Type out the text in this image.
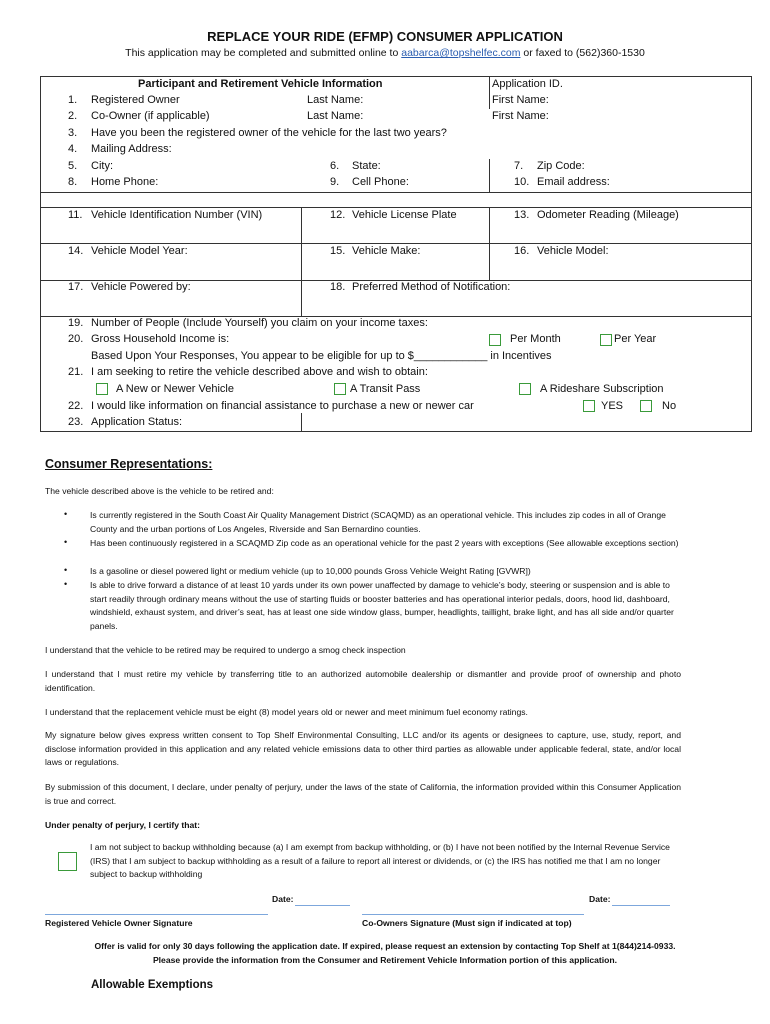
REPLACE YOUR RIDE (EFMP) CONSUMER APPLICATION
This application may be completed and submitted online to aabarca@topshelfec.com or faxed to (562)360-1530
Participant and Retirement Vehicle Information	Application ID.
1. Registered Owner	Last Name:	First Name:
2. Co-Owner (if applicable)	Last Name:	First Name:
3. Have you been the registered owner of the vehicle for the last two years?
4. Mailing Address:
5. City:	6. State:	7. Zip Code:
8. Home Phone:	9. Cell Phone:	10. Email address:
11. Vehicle Identification Number (VIN)	12. Vehicle License Plate	13. Odometer Reading (Mileage)
14. Vehicle Model Year:	15. Vehicle Make:	16. Vehicle Model:
17. Vehicle Powered by:	18. Preferred Method of Notification:
19. Number of People (Include Yourself) you claim on your income taxes:
20. Gross Household Income is:	Per Month	Per Year
Based Upon Your Responses, You appear to be eligible for up to $____________ in Incentives
21. I am seeking to retire the vehicle described above and wish to obtain:
A New or Newer Vehicle	A Transit Pass	A Rideshare Subscription
22. I would like information on financial assistance to purchase a new or newer car	YES	No
23. Application Status:
Consumer Representations:
The vehicle described above is the vehicle to be retired and:
•	Is currently registered in the South Coast Air Quality Management District (SCAQMD) as an operational vehicle. This includes zip codes in all of Orange County and the urban portions of Los Angeles, Riverside and San Bernardino counties.
•	Has been continuously registered in a SCAQMD Zip code as an operational vehicle for the past 2 years with exceptions (See allowable exceptions section)
•	Is a gasoline or diesel powered light or medium vehicle (up to 10,000 pounds Gross Vehicle Weight Rating [GVWR])
•	Is able to drive forward a distance of at least 10 yards under its own power unaffected by damage to vehicle’s body, steering or suspension and is able to start readily through ordinary means without the use of starting fluids or booster batteries and has operational interior pedals, doors, hood lid, dashboard, windshield, exhaust system, and driver’s seat, has at least one side window glass, bumper, headlights, taillight, brake light, and has all side and/or quarter panels.
I understand that the vehicle to be retired may be required to undergo a smog check inspection
I understand that I must retire my vehicle by transferring title to an authorized automobile dealership or dismantler and provide proof of ownership and photo identification.
I understand that the replacement vehicle must be eight (8) model years old or newer and meet minimum fuel economy ratings.
My signature below gives express written consent to Top Shelf Environmental Consulting, LLC and/or its agents or designees to capture, use, study, report, and disclose information provided in this application and any related vehicle emissions data to other third parties as allowable under applicable federal, state, and/or local laws or regulations.
By submission of this document, I declare, under penalty of perjury, under the laws of the state of California, the information provided within this Consumer Application is true and correct.
Under penalty of perjury, I certify that:
I am not subject to backup withholding because (a) I am exempt from backup withholding, or (b) I have not been notified by the Internal Revenue Service (IRS) that I am subject to backup withholding as a result of a failure to report all interest or dividends, or (c) the IRS has notified me that I am no longer subject to backup withholding
Date:	Date:
Registered Vehicle Owner Signature	Co-Owners Signature (Must sign if indicated at top)
Offer is valid for only 30 days following the application date. If expired, please request an extension by contacting Top Shelf at 1(844)214-0933.
Please provide the information from the Consumer and Retirement Vehicle Information portion of this application.
Allowable Exemptions
